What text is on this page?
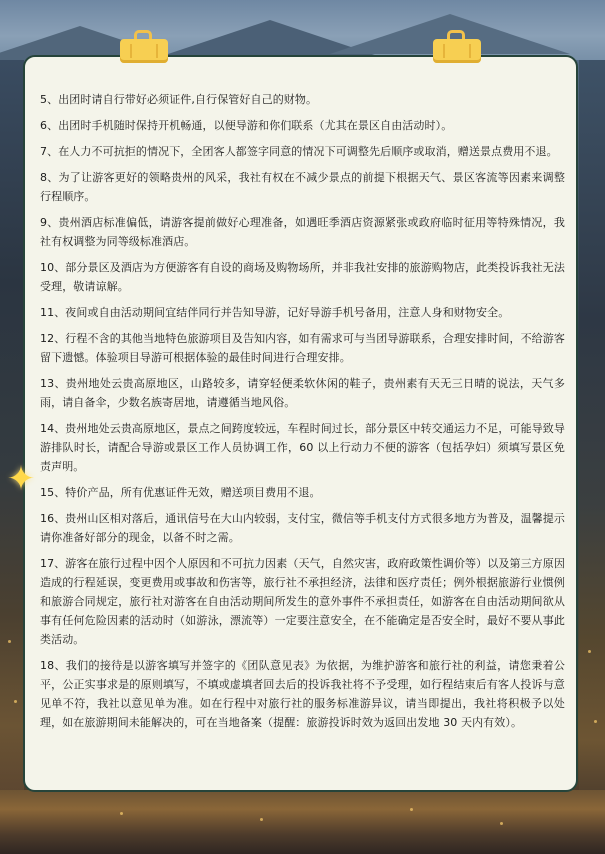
✦
5、出团时请自行带好必须证件,自行保管好自己的财物。
6、出团时手机随时保持开机畅通，以便导游和你们联系（尤其在景区自由活动时）。
7、在人力不可抗拒的情况下，全团客人都签字同意的情况下可调整先后顺序或取消，赠送景点费用不退。
8、为了让游客更好的领略贵州的风采，我社有权在不减少景点的前提下根据天气、景区客流等因素来调整行程顺序。
9、贵州酒店标准偏低，请游客提前做好心理准备，如遇旺季酒店资源紧张或政府临时征用等特殊情况，我社有权调整为同等级标准酒店。
10、部分景区及酒店为方便游客有自设的商场及购物场所，并非我社安排的旅游购物店，此类投诉我社无法受理，敬请谅解。
11、夜间或自由活动期间宜结伴同行并告知导游，记好导游手机号备用，注意人身和财物安全。
12、行程不含的其他当地特色旅游项目及告知内容，如有需求可与当团导游联系，合理安排时间，不给游客留下遗憾。体验项目导游可根据体验的最佳时间进行合理安排。
13、贵州地处云贵高原地区，山路较多，请穿轻便柔软休闲的鞋子，贵州素有天无三日晴的说法，天气多雨，请自备伞，少数名族寄居地，请遵循当地风俗。
14、贵州地处云贵高原地区，景点之间跨度较远，车程时间过长，部分景区中转交通运力不足，可能导致导游排队时长，请配合导游或景区工作人员协调工作，60 以上行动力不便的游客（包括孕妇）须填写景区免责声明。
15、特价产品，所有优惠证件无效，赠送项目费用不退。
16、贵州山区相对落后，通讯信号在大山内较弱，支付宝，微信等手机支付方式很多地方为普及，温馨提示请你准备好部分的现金，以备不时之需。
17、游客在旅行过程中因个人原因和不可抗力因素（天气，自然灾害，政府政策性调价等）以及第三方原因造成的行程延误，变更费用或事故和伤害等，旅行社不承担经济，法律和医疗责任；例外根据旅游行业惯例和旅游合同规定，旅行社对游客在自由活动期间所发生的意外事件不承担责任，如游客在自由活动期间欲从事有任何危险因素的活动时（如游泳，漂流等）一定要注意安全，在不能确定是否安全时，最好不要从事此类活动。
18、我们的接待是以游客填写并签字的《团队意见表》为依据，为维护游客和旅行社的利益，请您秉着公平，公正实事求是的原则填写，不填或虚填者回去后的投诉我社将不予受理，如行程结束后有客人投诉与意见单不符，我社以意见单为准。如在行程中对旅行社的服务标准游异议，请当即提出，我社将积极予以处理，如在旅游期间未能解决的，可在当地备案（提醒：旅游投诉时效为返回出发地 30 天内有效）。
